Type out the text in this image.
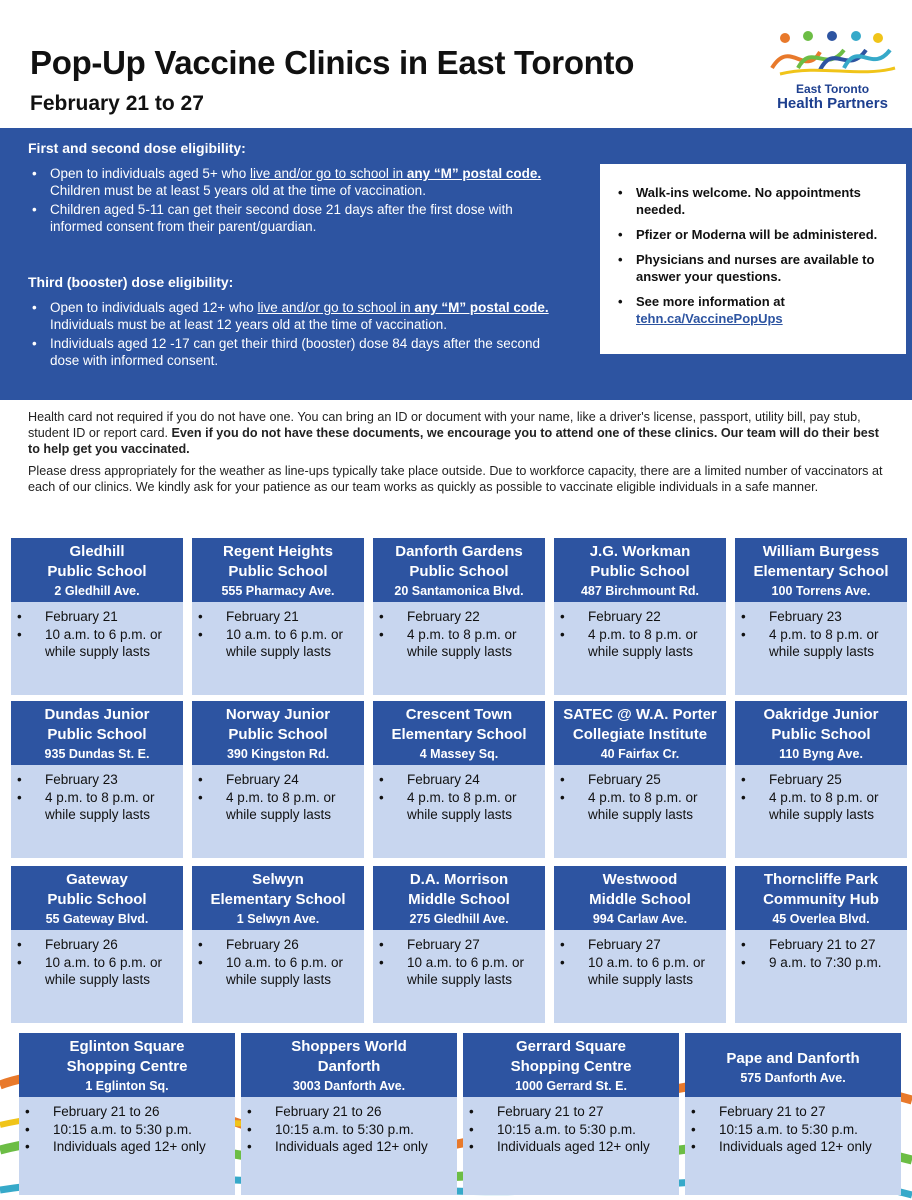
Pop-Up Vaccine Clinics in East Toronto
February 21 to 27
East Toronto
Health Partners
First and second dose eligibility:
• Open to individuals aged 5+ who live and/or go to school in any “M” postal code. Children must be at least 5 years old at the time of vaccination.
• Children aged 5-11 can get their second dose 21 days after the first dose with informed consent from their parent/guardian.
Third (booster) dose eligibility:
• Open to individuals aged 12+ who live and/or go to school in any “M” postal code. Individuals must be at least 12 years old at the time of vaccination.
• Individuals aged 12 -17 can get their third (booster) dose 84 days after the second dose with informed consent.
• Walk-ins welcome. No appointments needed.
• Pfizer or Moderna will be administered.
• Physicians and nurses are available to answer your questions.
• See more information at
tehn.ca/VaccinePopUps

Health card not required if you do not have one. You can bring an ID or document with your name, like a driver's license, passport, utility bill, pay stub, student ID or report card. Even if you do not have these documents, we encourage you to attend one of these clinics. Our team will do their best to help get you vaccinated.

Please dress appropriately for the weather as line-ups typically take place outside. Due to workforce capacity, there are a limited number of vaccinators at each of our clinics. We kindly ask for your patience as our team works as quickly as possible to vaccinate eligible individuals in a safe manner.

Gledhill
Public School
2 Gledhill Ave.
• February 21
• 10 a.m. to 6 p.m. or while supply lasts
Regent Heights
Public School
555 Pharmacy Ave.
• February 21
• 10 a.m. to 6 p.m. or while supply lasts
Danforth Gardens
Public School
20 Santamonica Blvd.
• February 22
• 4 p.m. to 8 p.m. or while supply lasts
J.G. Workman
Public School
487 Birchmount Rd.
• February 22
• 4 p.m. to 8 p.m. or while supply lasts
William Burgess
Elementary School
100 Torrens Ave.
• February 23
• 4 p.m. to 8 p.m. or while supply lasts
Dundas Junior
Public School
935 Dundas St. E.
• February 23
• 4 p.m. to 8 p.m. or while supply lasts
Norway Junior
Public School
390 Kingston Rd.
• February 24
• 4 p.m. to 8 p.m. or while supply lasts
Crescent Town
Elementary School
4 Massey Sq.
• February 24
• 4 p.m. to 8 p.m. or while supply lasts
SATEC @ W.A. Porter
Collegiate Institute
40 Fairfax Cr.
• February 25
• 4 p.m. to 8 p.m. or while supply lasts
Oakridge Junior
Public School
110 Byng Ave.
• February 25
• 4 p.m. to 8 p.m. or while supply lasts
Gateway
Public School
55 Gateway Blvd.
• February 26
• 10 a.m. to 6 p.m. or while supply lasts
Selwyn
Elementary School
1 Selwyn Ave.
• February 26
• 10 a.m. to 6 p.m. or while supply lasts
D.A. Morrison
Middle School
275 Gledhill Ave.
• February 27
• 10 a.m. to 6 p.m. or while supply lasts
Westwood
Middle School
994 Carlaw Ave.
• February 27
• 10 a.m. to 6 p.m. or while supply lasts
Thorncliffe Park
Community Hub
45 Overlea Blvd.
• February 21 to 27
• 9 a.m. to 7:30 p.m.
Eglinton Square
Shopping Centre
1 Eglinton Sq.
• February 21 to 26
• 10:15 a.m. to 5:30 p.m.
• Individuals aged 12+ only
Shoppers World
Danforth
3003 Danforth Ave.
• February 21 to 26
• 10:15 a.m. to 5:30 p.m.
• Individuals aged 12+ only
Gerrard Square
Shopping Centre
1000 Gerrard St. E.
• February 21 to 27
• 10:15 a.m. to 5:30 p.m.
• Individuals aged 12+ only
Pape and Danforth
575 Danforth Ave.
• February 21 to 27
• 10:15 a.m. to 5:30 p.m.
• Individuals aged 12+ only
